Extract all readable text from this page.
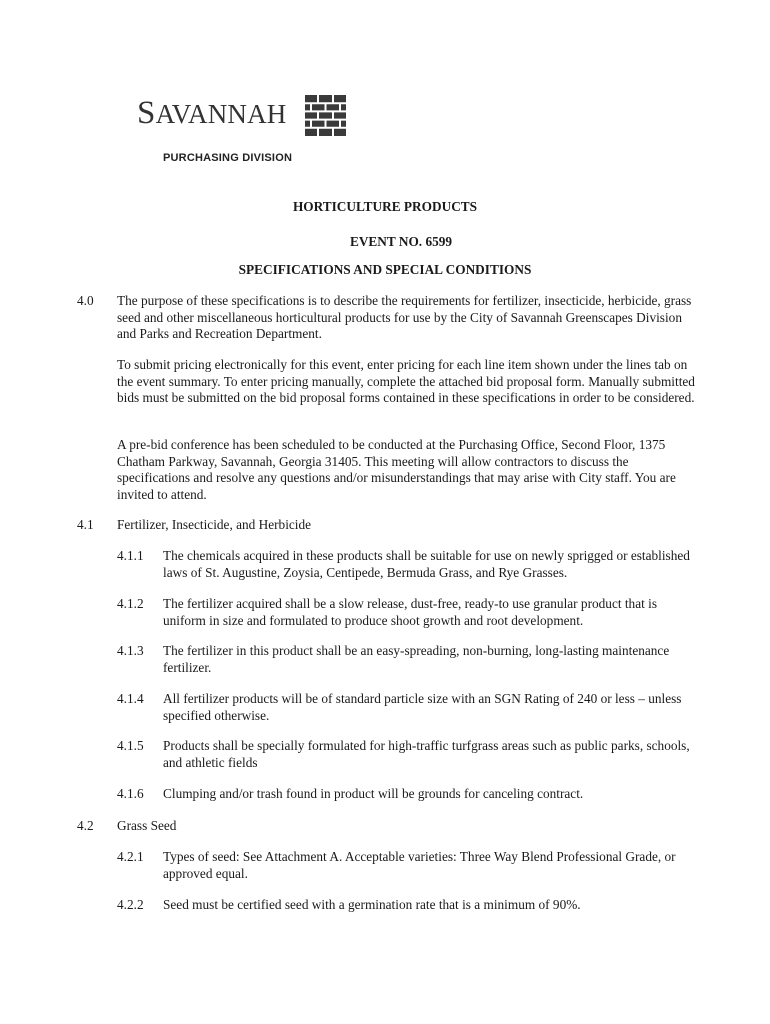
SAVANNAH
PURCHASING DIVISION
HORTICULTURE PRODUCTS
EVENT NO. 6599
SPECIFICATIONS AND SPECIAL CONDITIONS
4.0 The purpose of these specifications is to describe the requirements for fertilizer, insecticide, herbicide, grass seed and other miscellaneous horticultural products for use by the City of Savannah Greenscapes Division and Parks and Recreation Department.
To submit pricing electronically for this event, enter pricing for each line item shown under the lines tab on the event summary. To enter pricing manually, complete the attached bid proposal form. Manually submitted bids must be submitted on the bid proposal forms contained in these specifications in order to be considered.
A pre-bid conference has been scheduled to be conducted at the Purchasing Office, Second Floor, 1375 Chatham Parkway, Savannah, Georgia 31405. This meeting will allow contractors to discuss the specifications and resolve any questions and/or misunderstandings that may arise with City staff. You are invited to attend.
4.1 Fertilizer, Insecticide, and Herbicide
4.1.1 The chemicals acquired in these products shall be suitable for use on newly sprigged or established laws of St. Augustine, Zoysia, Centipede, Bermuda Grass, and Rye Grasses.
4.1.2 The fertilizer acquired shall be a slow release, dust-free, ready-to use granular product that is uniform in size and formulated to produce shoot growth and root development.
4.1.3 The fertilizer in this product shall be an easy-spreading, non-burning, long-lasting maintenance fertilizer.
4.1.4 All fertilizer products will be of standard particle size with an SGN Rating of 240 or less – unless specified otherwise.
4.1.5 Products shall be specially formulated for high-traffic turfgrass areas such as public parks, schools, and athletic fields
4.1.6 Clumping and/or trash found in product will be grounds for canceling contract.
4.2 Grass Seed
4.2.1 Types of seed: See Attachment A. Acceptable varieties: Three Way Blend Professional Grade, or approved equal.
4.2.2 Seed must be certified seed with a germination rate that is a minimum of 90%.
